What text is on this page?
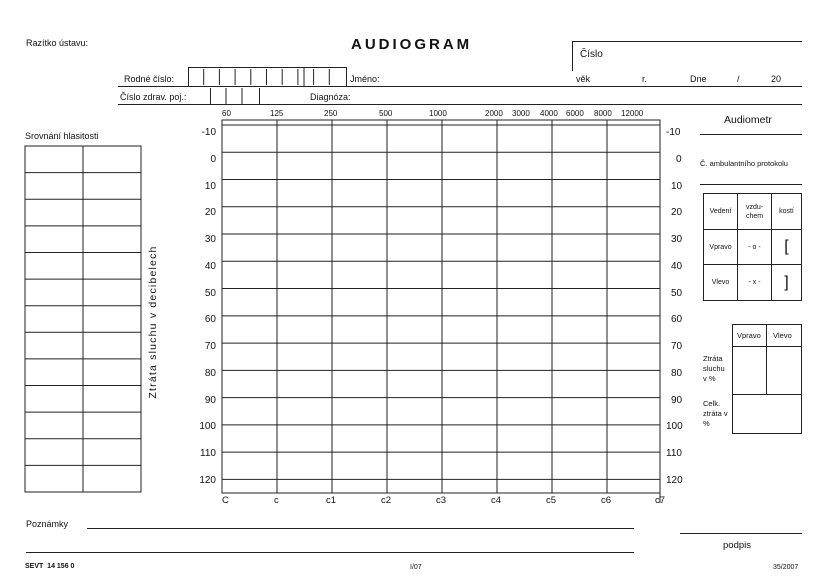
Razítko ústavu:	AUDIOGRAM
Číslo
Rodné číslo:	Jméno:	věk	r.	Dne	/	20
Číslo zdrav. poj.:	Diagnóza:
Srovnání hlasitosti
Ztráta sluchu v decibelech
60	125	250	500	1000	2000 3000 4000 6000 8000 12000
-10
0
10
20
30
40
50
60
70
80
90
100
110
120
-10
0
10
20
30
40
50
60
70
80
90
100
110
120
C	c	c1	c2	c3	c4	c5	c6	c7
Audiometr
Č. ambulantního protokolu
Vedení	vzdu-chem	kostí
Vpravo	- o -	[
Vlevo	- x -	]
Vpravo Vlevo
Ztráta sluchu v %
Celk. ztráta v %
Poznámky
podpis
SEVT  14 156 0	I/07	35/2007
